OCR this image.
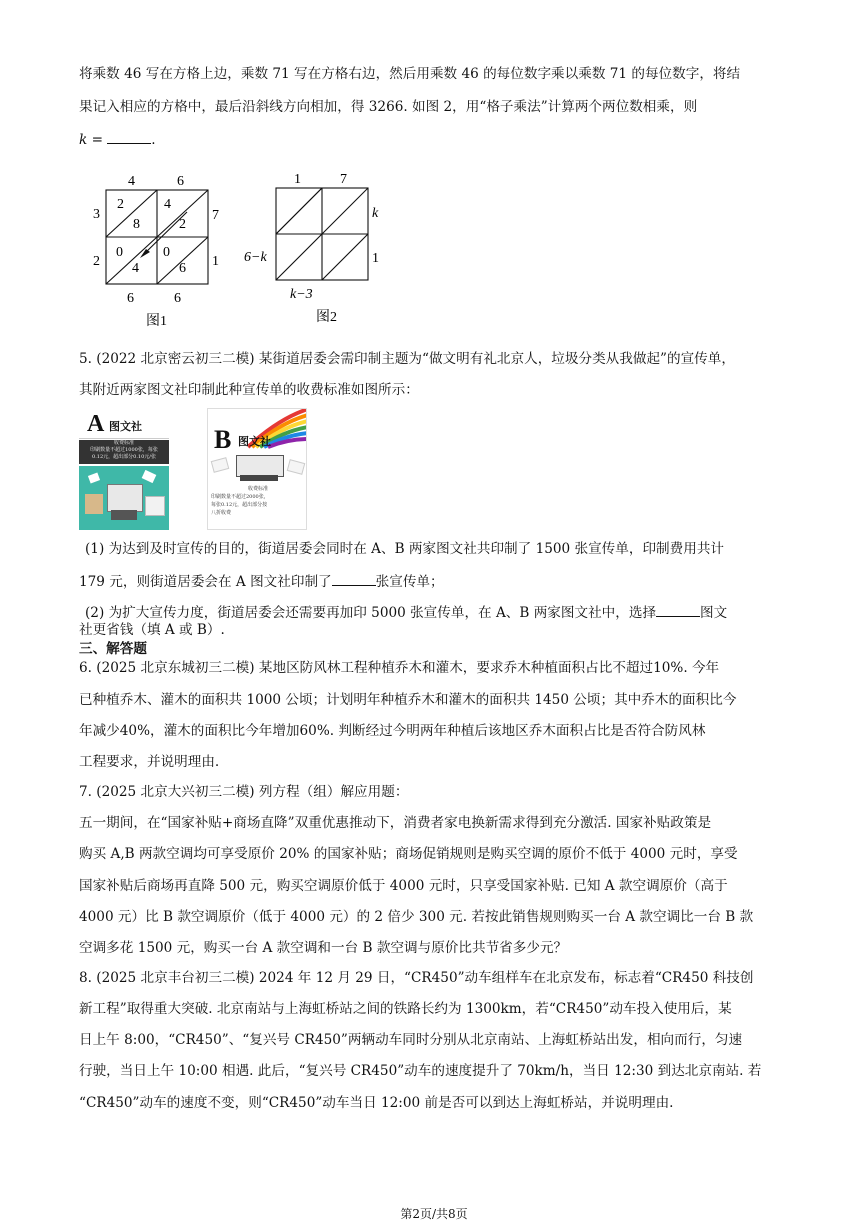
将乘数 46 写在方格上边，乘数 71 写在方格右边，然后用乘数 46 的每位数字乘以乘数 71 的每位数字，将结
果记入相应的方格中，最后沿斜线方向相加，得 3266. 如图 2，用“格子乘法”计算两个两位数相乘，则
k =	.
4	6
3
2
7
1
6	6
2
8
4
2
0
4
0
6
图1
1	7
6−k
k
1
k−3
图2
5. (2022 北京密云初三二模) 某街道居委会需印制主题为“做文明有礼北京人，垃圾分类从我做起”的宣传单，
其附近两家图文社印制此种宣传单的收费标准如图所示：
A 图文社
收费标准
印刷数量不超过1000张，每张
0.12元，超出部分0.10元/张
B 图文社
收费标准
印刷数量不超过2000张，
每张0.12元，超出部分按
八折收费
(1) 为达到及时宣传的目的，街道居委会同时在 A、B 两家图文社共印制了 1500 张宣传单，印制费用共计
179 元，则街道居委会在 A 图文社印制了	张宣传单；
(2) 为扩大宣传力度，街道居委会还需要再加印 5000 张宣传单，在 A、B 两家图文社中，选择	图文
社更省钱（填 A 或 B）.
三、解答题
6. (2025 北京东城初三二模) 某地区防风林工程种植乔木和灌木，要求乔木种植面积占比不超过10%. 今年
已种植乔木、灌木的面积共 1000 公顷；计划明年种植乔木和灌木的面积共 1450 公顷；其中乔木的面积比今
年减少40%，灌木的面积比今年增加60%. 判断经过今明两年种植后该地区乔木面积占比是否符合防风林
工程要求，并说明理由.
7. (2025 北京大兴初三二模) 列方程（组）解应用题：
五一期间，在“国家补贴+商场直降”双重优惠推动下，消费者家电换新需求得到充分激活. 国家补贴政策是
购买 A,B 两款空调均可享受原价 20% 的国家补贴；商场促销规则是购买空调的原价不低于 4000 元时，享受
国家补贴后商场再直降 500 元，购买空调原价低于 4000 元时，只享受国家补贴. 已知 A 款空调原价（高于
4000 元）比 B 款空调原价（低于 4000 元）的 2 倍少 300 元. 若按此销售规则购买一台 A 款空调比一台 B 款
空调多花 1500 元，购买一台 A 款空调和一台 B 款空调与原价比共节省多少元？
8. (2025 北京丰台初三二模) 2024 年 12 月 29 日，“CR450”动车组样车在北京发布，标志着“CR450 科技创
新工程”取得重大突破. 北京南站与上海虹桥站之间的铁路长约为 1300km，若“CR450”动车投入使用后，某
日上午 8:00，“CR450”、“复兴号 CR450”两辆动车同时分别从北京南站、上海虹桥站出发，相向而行，匀速
行驶，当日上午 10:00 相遇. 此后，“复兴号 CR450”动车的速度提升了 70km/h，当日 12:30 到达北京南站. 若
“CR450”动车的速度不变，则“CR450”动车当日 12:00 前是否可以到达上海虹桥站，并说明理由.
第2页/共8页
